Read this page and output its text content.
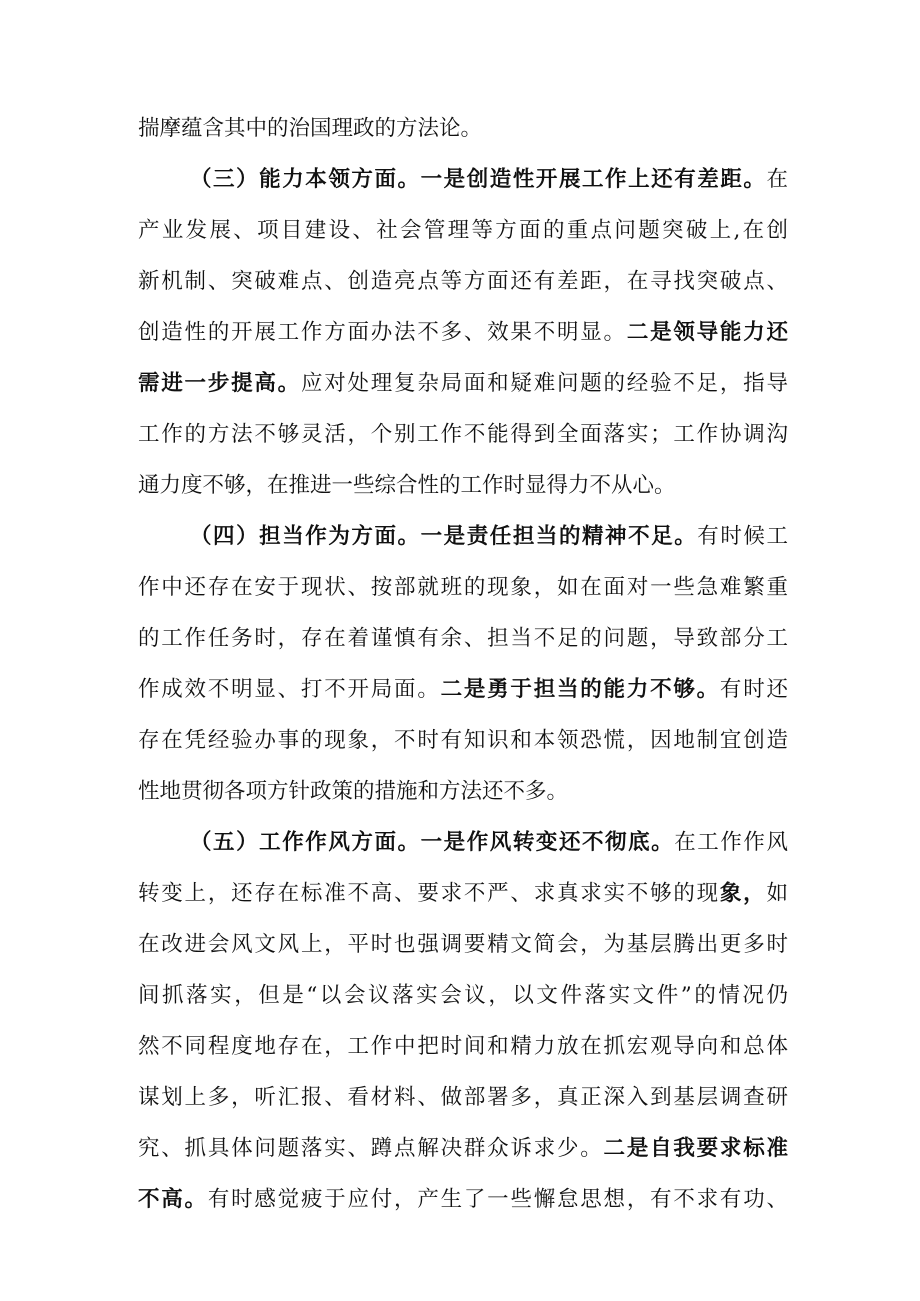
揣摩蕴含其中的治国理政的方法论。
（三）能力本领方面。一是创造性开展工作上还有差距。在
产业发展、项目建设、社会管理等方面的重点问题突破上,在创
新机制、突破难点、创造亮点等方面还有差距，在寻找突破点、
创造性的开展工作方面办法不多、效果不明显。二是领导能力还
需进一步提高。应对处理复杂局面和疑难问题的经验不足，指导
工作的方法不够灵活，个别工作不能得到全面落实；工作协调沟
通力度不够，在推进一些综合性的工作时显得力不从心。
（四）担当作为方面。一是责任担当的精神不足。有时候工
作中还存在安于现状、按部就班的现象，如在面对一些急难繁重
的工作任务时，存在着谨慎有余、担当不足的问题，导致部分工
作成效不明显、打不开局面。二是勇于担当的能力不够。有时还
存在凭经验办事的现象，不时有知识和本领恐慌，因地制宜创造
性地贯彻各项方针政策的措施和方法还不多。
（五）工作作风方面。一是作风转变还不彻底。在工作作风
转变上，还存在标准不高、要求不严、求真求实不够的现象，如
在改进会风文风上，平时也强调要精文简会，为基层腾出更多时
间抓落实，但是“以会议落实会议，以文件落实文件”的情况仍
然不同程度地存在，工作中把时间和精力放在抓宏观导向和总体
谋划上多，听汇报、看材料、做部署多，真正深入到基层调查研
究、抓具体问题落实、蹲点解决群众诉求少。二是自我要求标准
不高。有时感觉疲于应付，产生了一些懈怠思想，有不求有功、
